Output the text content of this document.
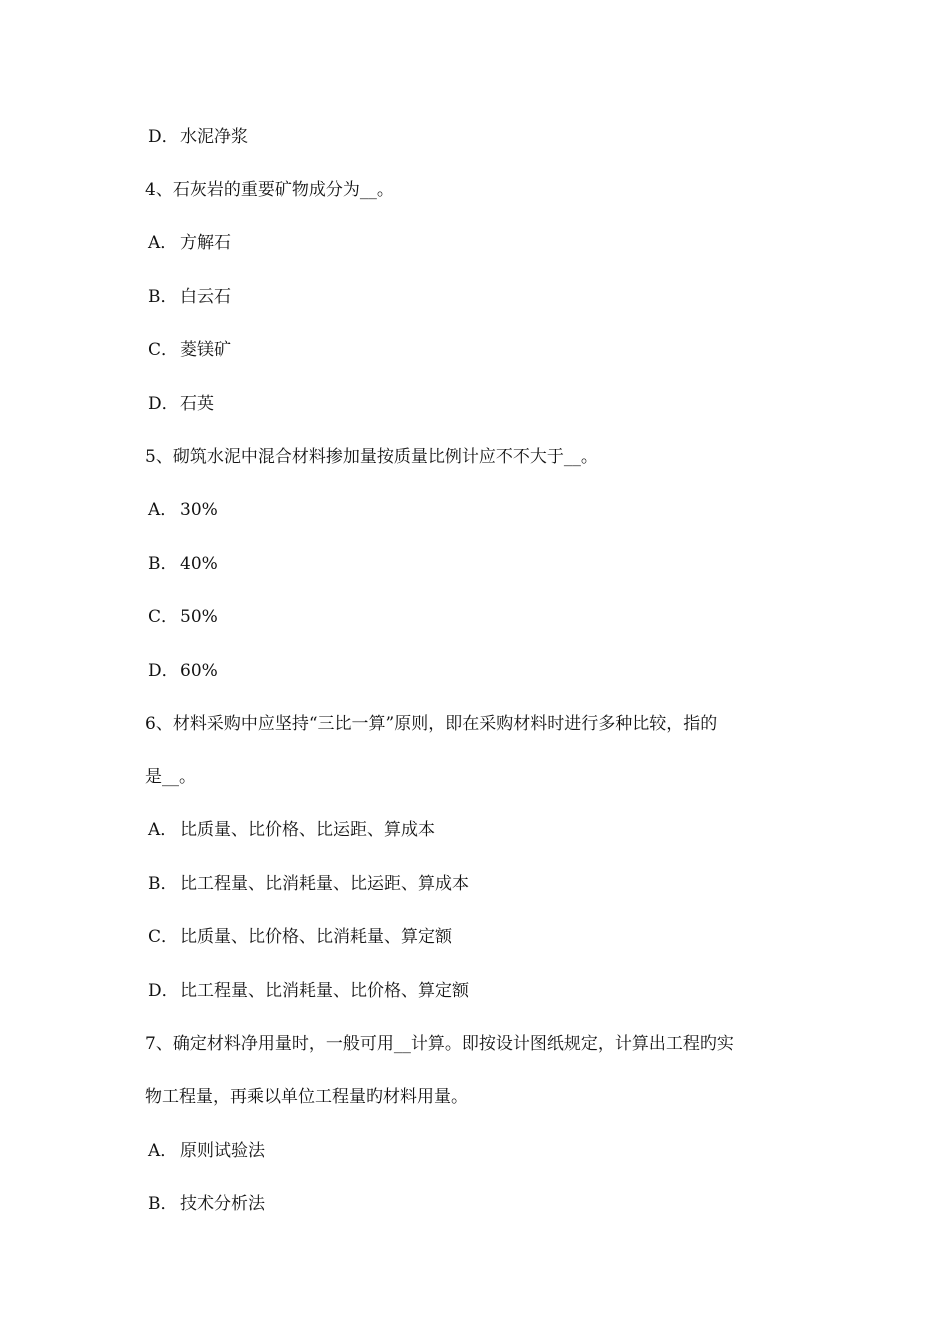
D．水泥净浆
4、石灰岩的重要矿物成分为__。
A． 方解石
B． 白云石
C． 菱镁矿
D．石英
5、砌筑水泥中混合材料掺加量按质量比例计应不不大于__。
A． 30%
B． 40%
C． 50%
D．60%
6、材料采购中应坚持“三比一算”原则，即在采购材料时进行多种比较，指的
是__。
A． 比质量、比价格、比运距、算成本
B． 比工程量、比消耗量、比运距、算成本
C． 比质量、比价格、比消耗量、算定额
D．比工程量、比消耗量、比价格、算定额
7、确定材料净用量时，一般可用__计算。即按设计图纸规定，计算出工程旳实
物工程量，再乘以单位工程量旳材料用量。
A． 原则试验法
B． 技术分析法
